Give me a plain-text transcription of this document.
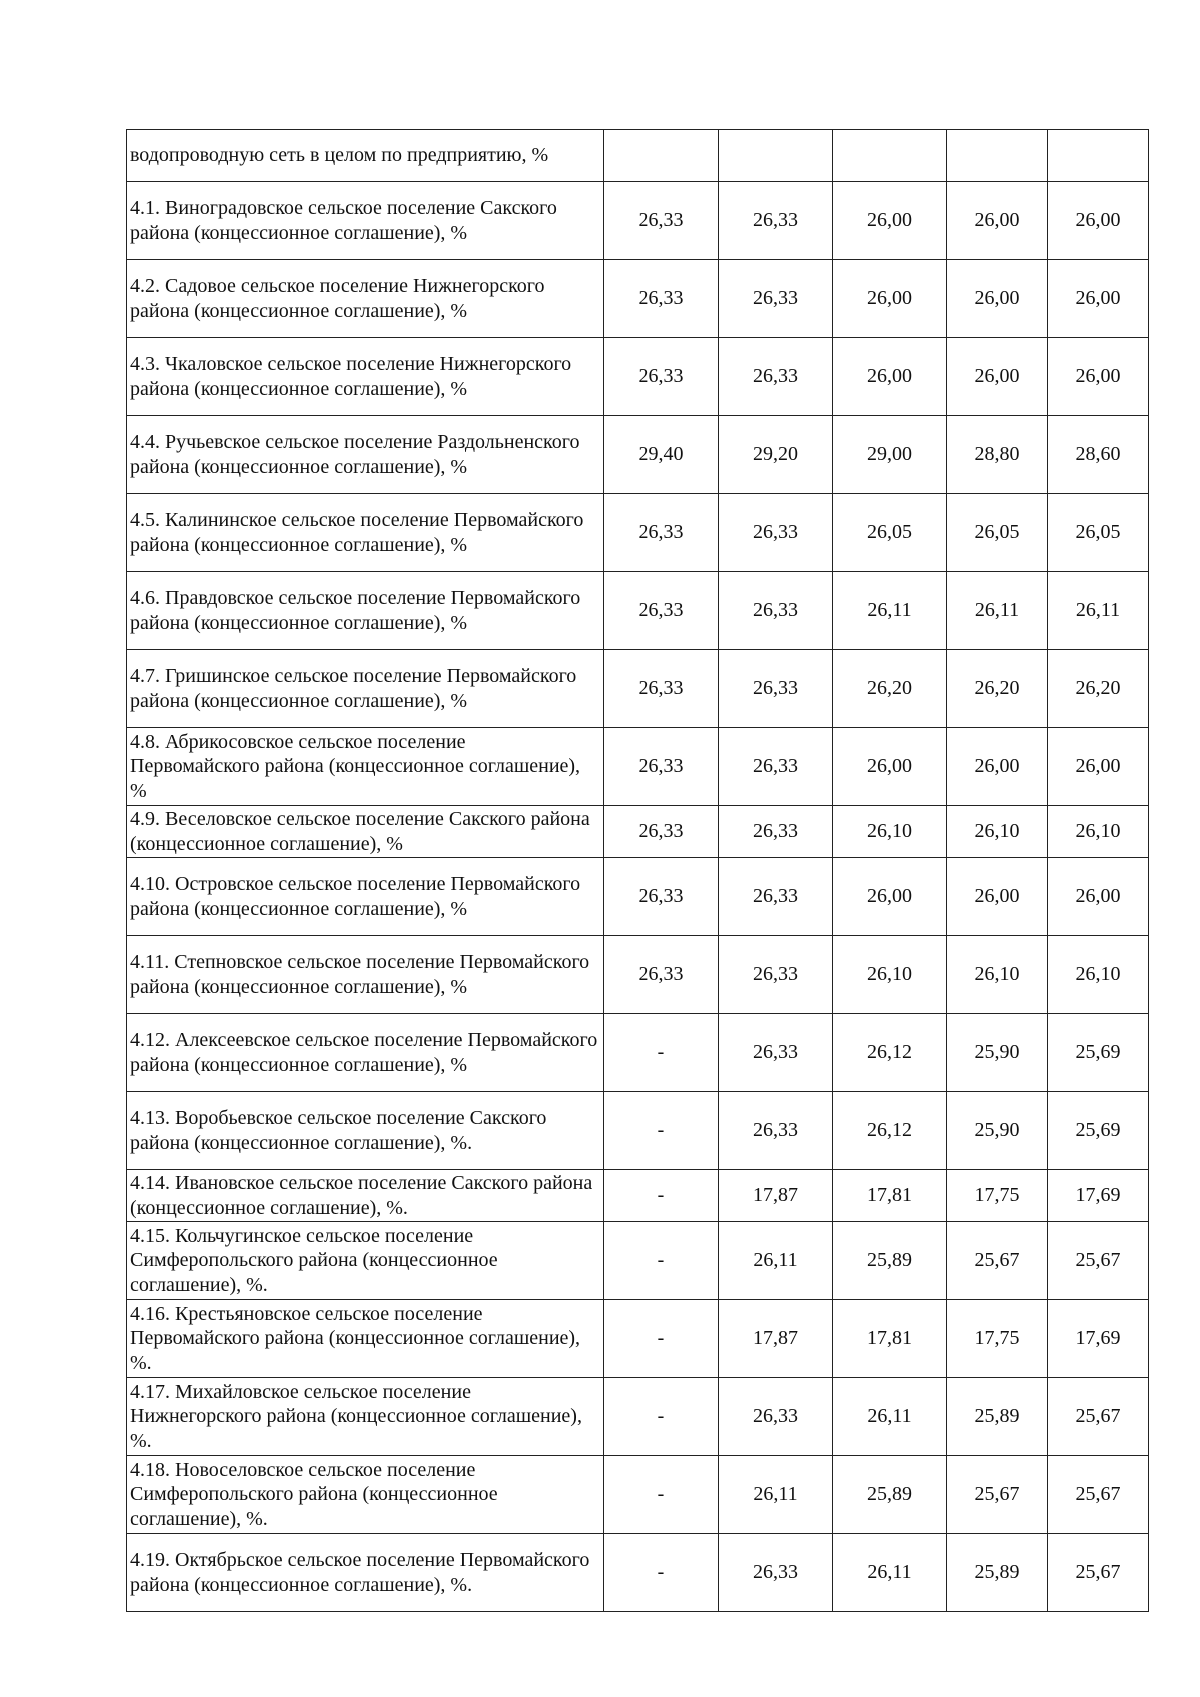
водопроводную сеть в целом по предприятию, %					
4.1. Виноградовское сельское поселение Сакского района (концессионное соглашение), %	26,33	26,33	26,00	26,00	26,00
4.2. Садовое сельское поселение Нижнегорского района (концессионное соглашение), %	26,33	26,33	26,00	26,00	26,00
4.3. Чкаловское сельское поселение Нижнегорского района (концессионное соглашение), %	26,33	26,33	26,00	26,00	26,00
4.4. Ручьевское сельское поселение Раздольненского района (концессионное соглашение), %	29,40	29,20	29,00	28,80	28,60
4.5. Калининское сельское поселение Первомайского района (концессионное соглашение), %	26,33	26,33	26,05	26,05	26,05
4.6. Правдовское сельское поселение Первомайского района (концессионное соглашение), %	26,33	26,33	26,11	26,11	26,11
4.7. Гришинское сельское поселение Первомайского района (концессионное соглашение), %	26,33	26,33	26,20	26,20	26,20
4.8. Абрикосовское сельское поселение Первомайского района (концессионное соглашение), %	26,33	26,33	26,00	26,00	26,00
4.9. Веселовское сельское поселение Сакского района (концессионное соглашение), %	26,33	26,33	26,10	26,10	26,10
4.10. Островское сельское поселение Первомайского района (концессионное соглашение), %	26,33	26,33	26,00	26,00	26,00
4.11. Степновское сельское поселение Первомайского района (концессионное соглашение), %	26,33	26,33	26,10	26,10	26,10
4.12. Алексеевское сельское поселение Первомайского района (концессионное соглашение), %	-	26,33	26,12	25,90	25,69
4.13. Воробьевское сельское поселение Сакского района (концессионное соглашение), %.	-	26,33	26,12	25,90	25,69
4.14. Ивановское сельское поселение Сакского района (концессионное соглашение), %.	-	17,87	17,81	17,75	17,69
4.15. Кольчугинское сельское поселение Симферопольского района (концессионное соглашение), %.	-	26,11	25,89	25,67	25,67
4.16. Крестьяновское сельское поселение Первомайского района (концессионное соглашение), %.	-	17,87	17,81	17,75	17,69
4.17. Михайловское сельское поселение Нижнегорского района (концессионное соглашение), %.	-	26,33	26,11	25,89	25,67
4.18. Новоселовское сельское поселение Симферопольского района (концессионное соглашение), %.	-	26,11	25,89	25,67	25,67
4.19. Октябрьское сельское поселение Первомайского района (концессионное соглашение), %.	-	26,33	26,11	25,89	25,67
